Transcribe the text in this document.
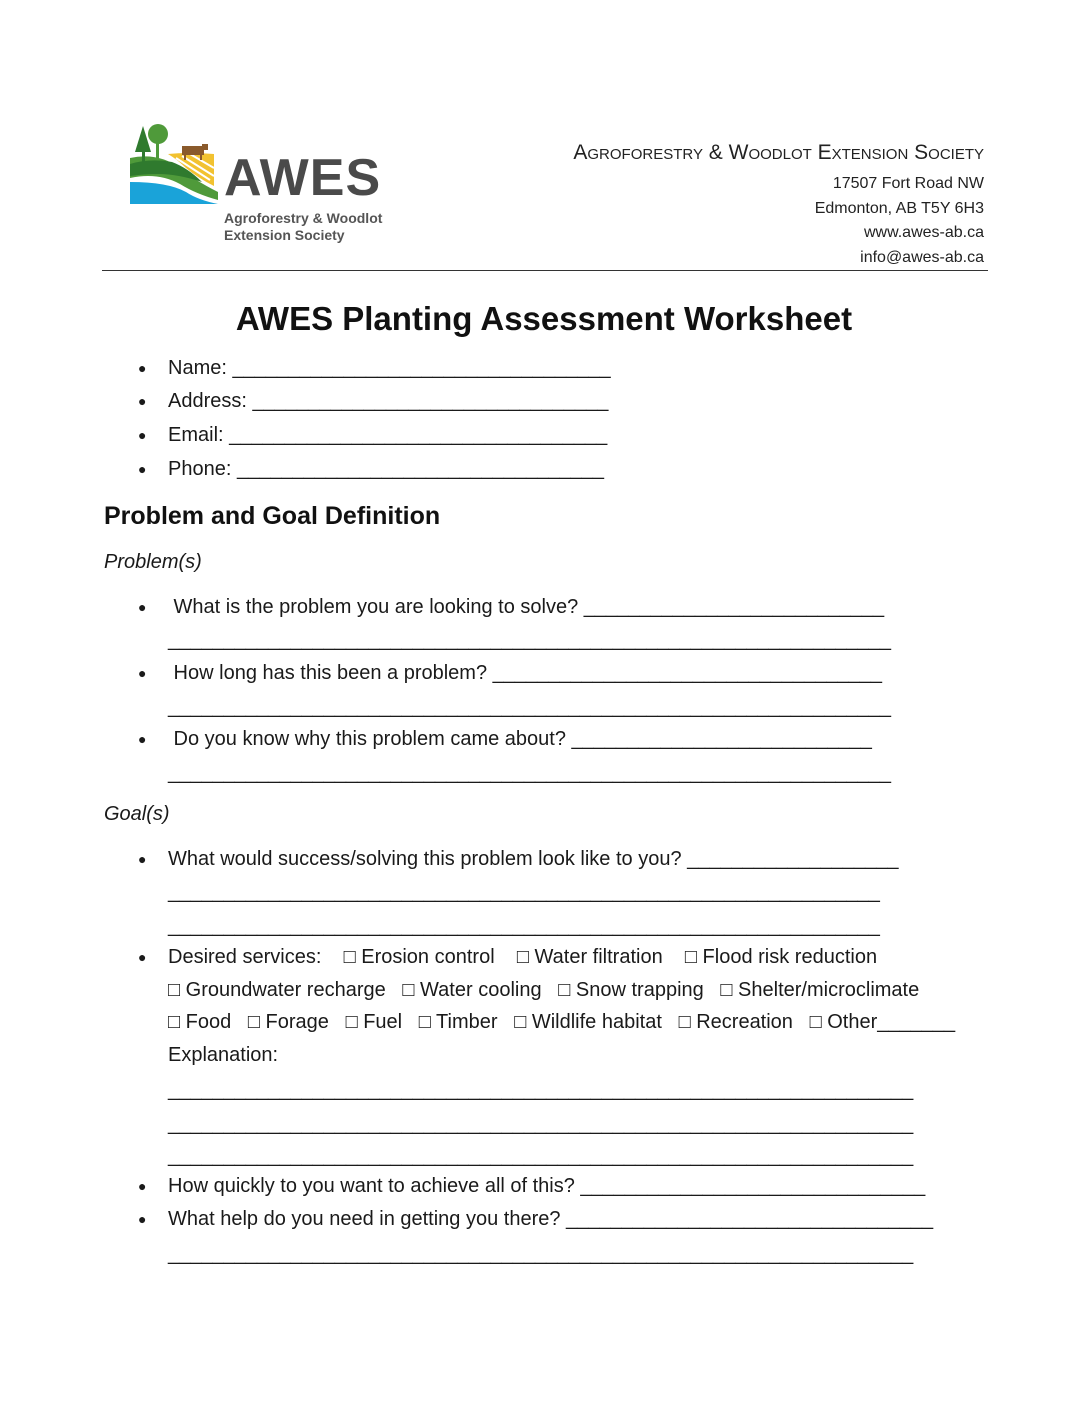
AWES
Agroforestry & Woodlot
Extension Society
Agroforestry & Woodlot Extension Society
17507 Fort Road NW
Edmonton, AB T5Y 6H3
www.awes-ab.ca
info@awes-ab.ca
AWES Planting Assessment Worksheet
● Name: __________________________________
● Address: ________________________________
● Email: __________________________________
● Phone: _________________________________
Problem and Goal Definition
Problem(s)
● What is the problem you are looking to solve? ___________________________
_________________________________________________________________
● How long has this been a problem? ___________________________________
_________________________________________________________________
● Do you know why this problem came about? ___________________________
_________________________________________________________________
Goal(s)
● What would success/solving this problem look like to you? ___________________
________________________________________________________________
________________________________________________________________
● Desired services:    □ Erosion control    □ Water filtration    □ Flood risk reduction
□ Groundwater recharge   □ Water cooling   □ Snow trapping   □ Shelter/microclimate
□ Food   □ Forage   □ Fuel   □ Timber   □ Wildlife habitat   □ Recreation   □ Other_______
Explanation:
___________________________________________________________________
___________________________________________________________________
___________________________________________________________________
● How quickly to you want to achieve all of this? _______________________________
● What help do you need in getting you there? _________________________________
___________________________________________________________________
